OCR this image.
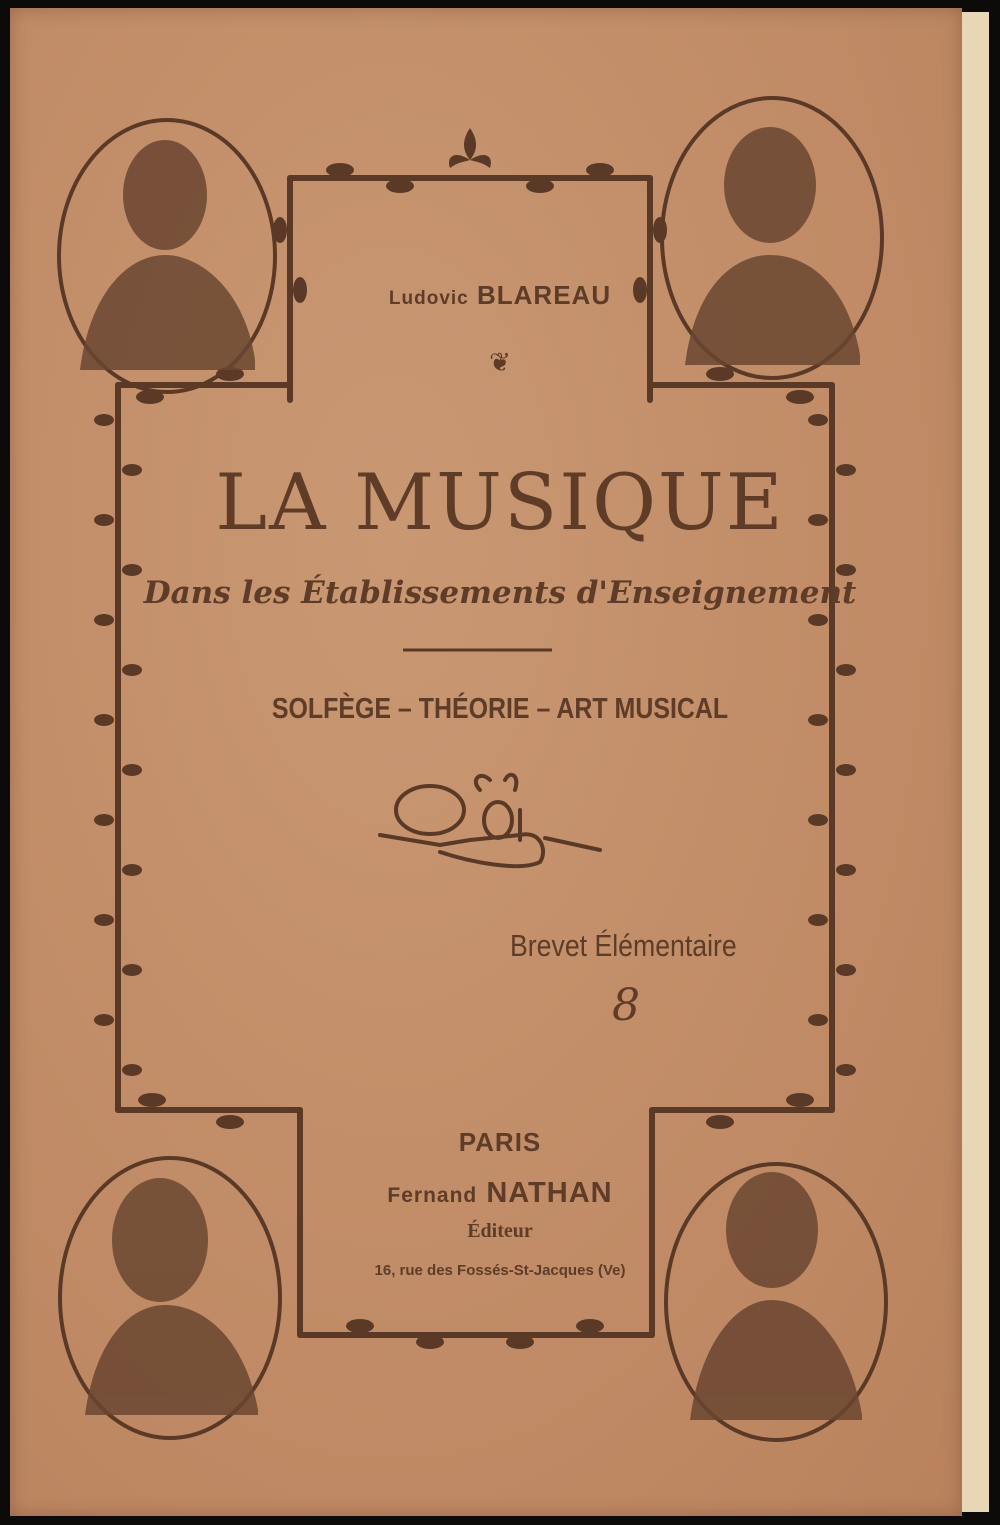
Ludovic BLAREAU
❦
LA MUSIQUE
Dans les Établissements d'Enseignement
SOLFÈGE – THÉORIE – ART MUSICAL
Brevet Élémentaire
8
PARIS
Fernand NATHAN
Éditeur
16, rue des Fossés-St-Jacques (Ve)
